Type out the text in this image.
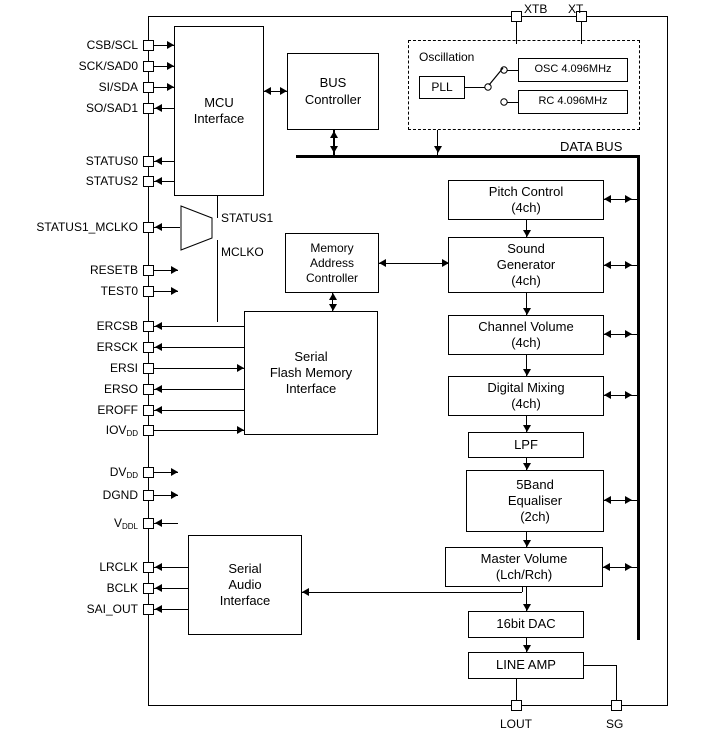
XTB XT
CSB/SCL
SCK/SAD0
SI/SDA
SO/SAD1
STATUS0
STATUS2
STATUS1_MCLKO
STATUS1
MCLKO
RESETB
TEST0
ERCSB
ERSCK
ERSI
ERSO
EROFF
$IOV_{DD}$
$DV_{DD}$
DGND
$V_{DDL}$
LRCLK
BCLK
SAI_OUT
MCU
Interface
BUS
Controller
Oscillation
PLL
OSC 4.096MHz
RC 4.096MHz
DATA BUS
Memory
Address
Controller
Serial
Flash Memory
Interface
Serial
Audio
Interface
Pitch Control
(4ch)
Sound
Generator
(4ch)
Channel Volume
(4ch)
Digital Mixing
(4ch)
LPF
5Band
Equaliser
(2ch)
Master Volume
(Lch/Rch)
16bit DAC
LINE AMP
LOUT	SG
